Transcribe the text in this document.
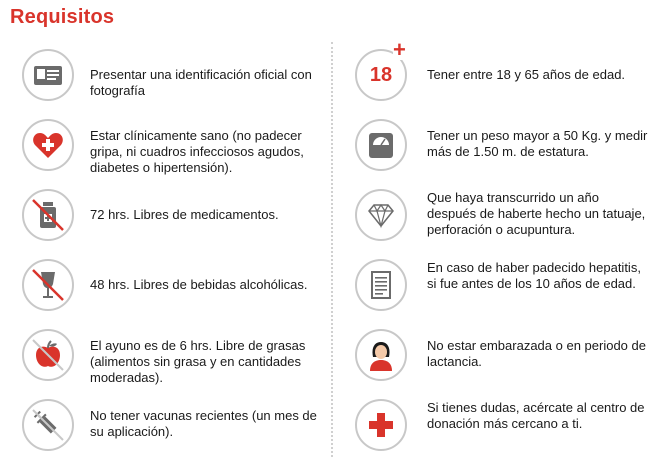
Requisitos
Presentar una identificación oficial con fotografía
Estar clínicamente sano (no padecer gripa, ni cuadros infecciosos agudos, diabetes o hipertensión).
72 hrs. Libres de medicamentos.
48 hrs. Libres de bebidas alcohólicas.
El ayuno es de 6 hrs. Libre de grasas (alimentos sin grasa y en cantidades moderadas).
No tener vacunas recientes (un mes de su aplicación).
18
+
Tener entre 18 y 65 años de edad.
Tener un peso mayor a 50 Kg. y medir más de 1.50 m. de estatura.
Que haya transcurrido un año después de haberte hecho un tatuaje, perforación o acupuntura.
En caso de haber padecido hepatitis, si fue antes de los 10 años de edad.
No estar embarazada o en periodo de lactancia.
Si tienes dudas, acércate al centro de donación más cercano a ti.
